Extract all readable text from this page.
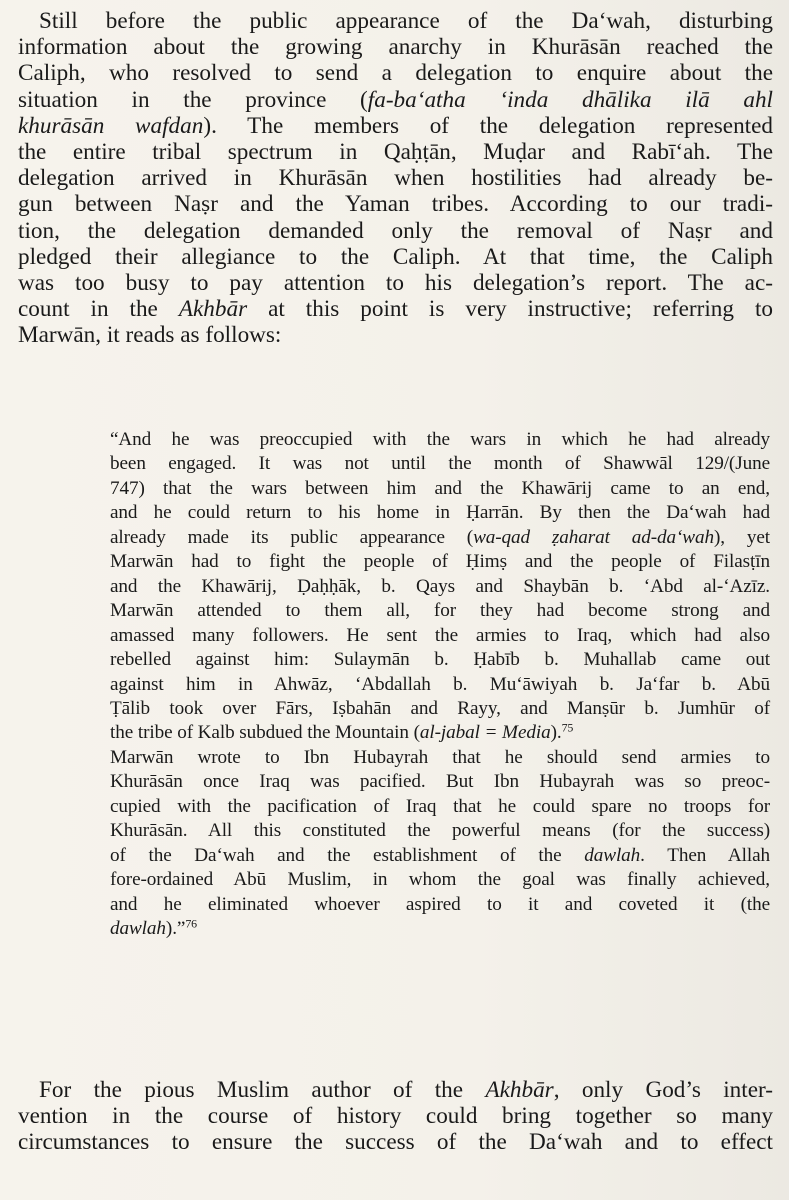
Still before the public appearance of the Da‘wah, disturbing
information about the growing anarchy in Khurāsān reached the
Caliph, who resolved to send a delegation to enquire about the
situation in the province (fa-ba‘atha ‘inda dhālika ilā ahl
khurāsān wafdan). The members of the delegation represented
the entire tribal spectrum in Qaḥṭān, Muḍar and Rabī‘ah. The
delegation arrived in Khurāsān when hostilities had already be-
gun between Naṣr and the Yaman tribes. According to our tradi-
tion, the delegation demanded only the removal of Naṣr and
pledged their allegiance to the Caliph. At that time, the Caliph
was too busy to pay attention to his delegation’s report. The ac-
count in the Akhbār at this point is very instructive; referring to
Marwān, it reads as follows:
“And he was preoccupied with the wars in which he had already
been engaged. It was not until the month of Shawwāl 129/(June
747) that the wars between him and the Khawārij came to an end,
and he could return to his home in Ḥarrān. By then the Da‘wah had
already made its public appearance (wa-qad ẓaharat ad-da‘wah), yet
Marwān had to fight the people of Ḥimṣ and the people of Filasṭīn
and the Khawārij, Ḍaḥḥāk, b. Qays and Shaybān b. ‘Abd al-‘Azīz.
Marwān attended to them all, for they had become strong and
amassed many followers. He sent the armies to Iraq, which had also
rebelled against him: Sulaymān b. Ḥabīb b. Muhallab came out
against him in Ahwāz, ‘Abdallah b. Mu‘āwiyah b. Ja‘far b. Abū
Ṭālib took over Fārs, Iṣbahān and Rayy, and Manṣūr b. Jumhūr of
the tribe of Kalb subdued the Mountain (al-jabal = Media).$^{75}$
Marwān wrote to Ibn Hubayrah that he should send armies to
Khurāsān once Iraq was pacified. But Ibn Hubayrah was so preoc-
cupied with the pacification of Iraq that he could spare no troops for
Khurāsān. All this constituted the powerful means (for the success)
of the Da‘wah and the establishment of the dawlah. Then Allah
fore-ordained Abū Muslim, in whom the goal was finally achieved,
and he eliminated whoever aspired to it and coveted it (the
dawlah).”$^{76}$
For the pious Muslim author of the Akhbār, only God’s inter-
vention in the course of history could bring together so many
circumstances to ensure the success of the Da‘wah and to effect
